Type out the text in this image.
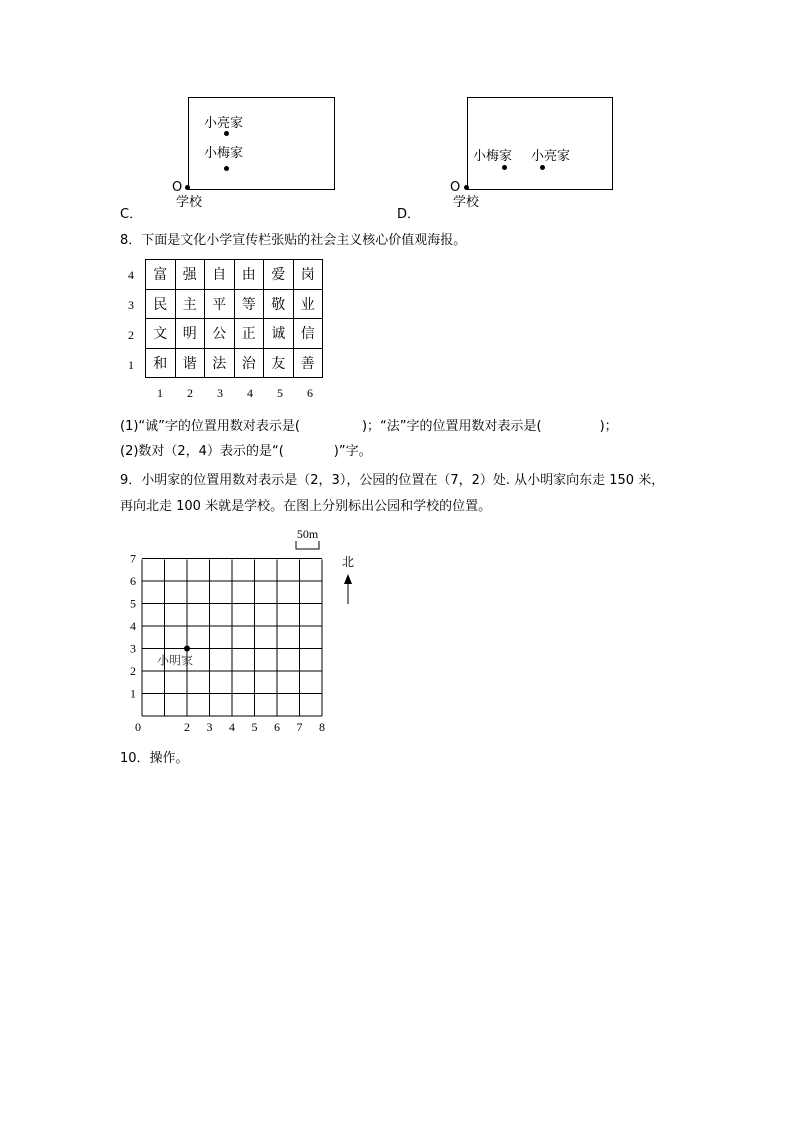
O
学校
小亮家
小梅家
C．
O
学校
小梅家 小亮家
D．
8．下面是文化小学宣传栏张贴的社会主义核心价值观海报。
4
3
2
1
富	强	自	由	爱	岗
民	主	平	等	敬	业
文	明	公	正	诚	信
和	谐	法	治	友	善
1 2 3 4 5 6
(1)“诚”字的位置用数对表示是(	)；“法”字的位置用数对表示是(	)；
(2)数对（2，4）表示的是“(	)”字。
9．小明家的位置用数对表示是（2，3），公园的位置在（7，2）处. 从小明家向东走 150 米，
再向北走 100 米就是学校。在图上分别标出公园和学校的位置。
50m
北
0	2 3 4 5 6 7 8
1
2
3
4
5
6
7
小明家
10．操作。
